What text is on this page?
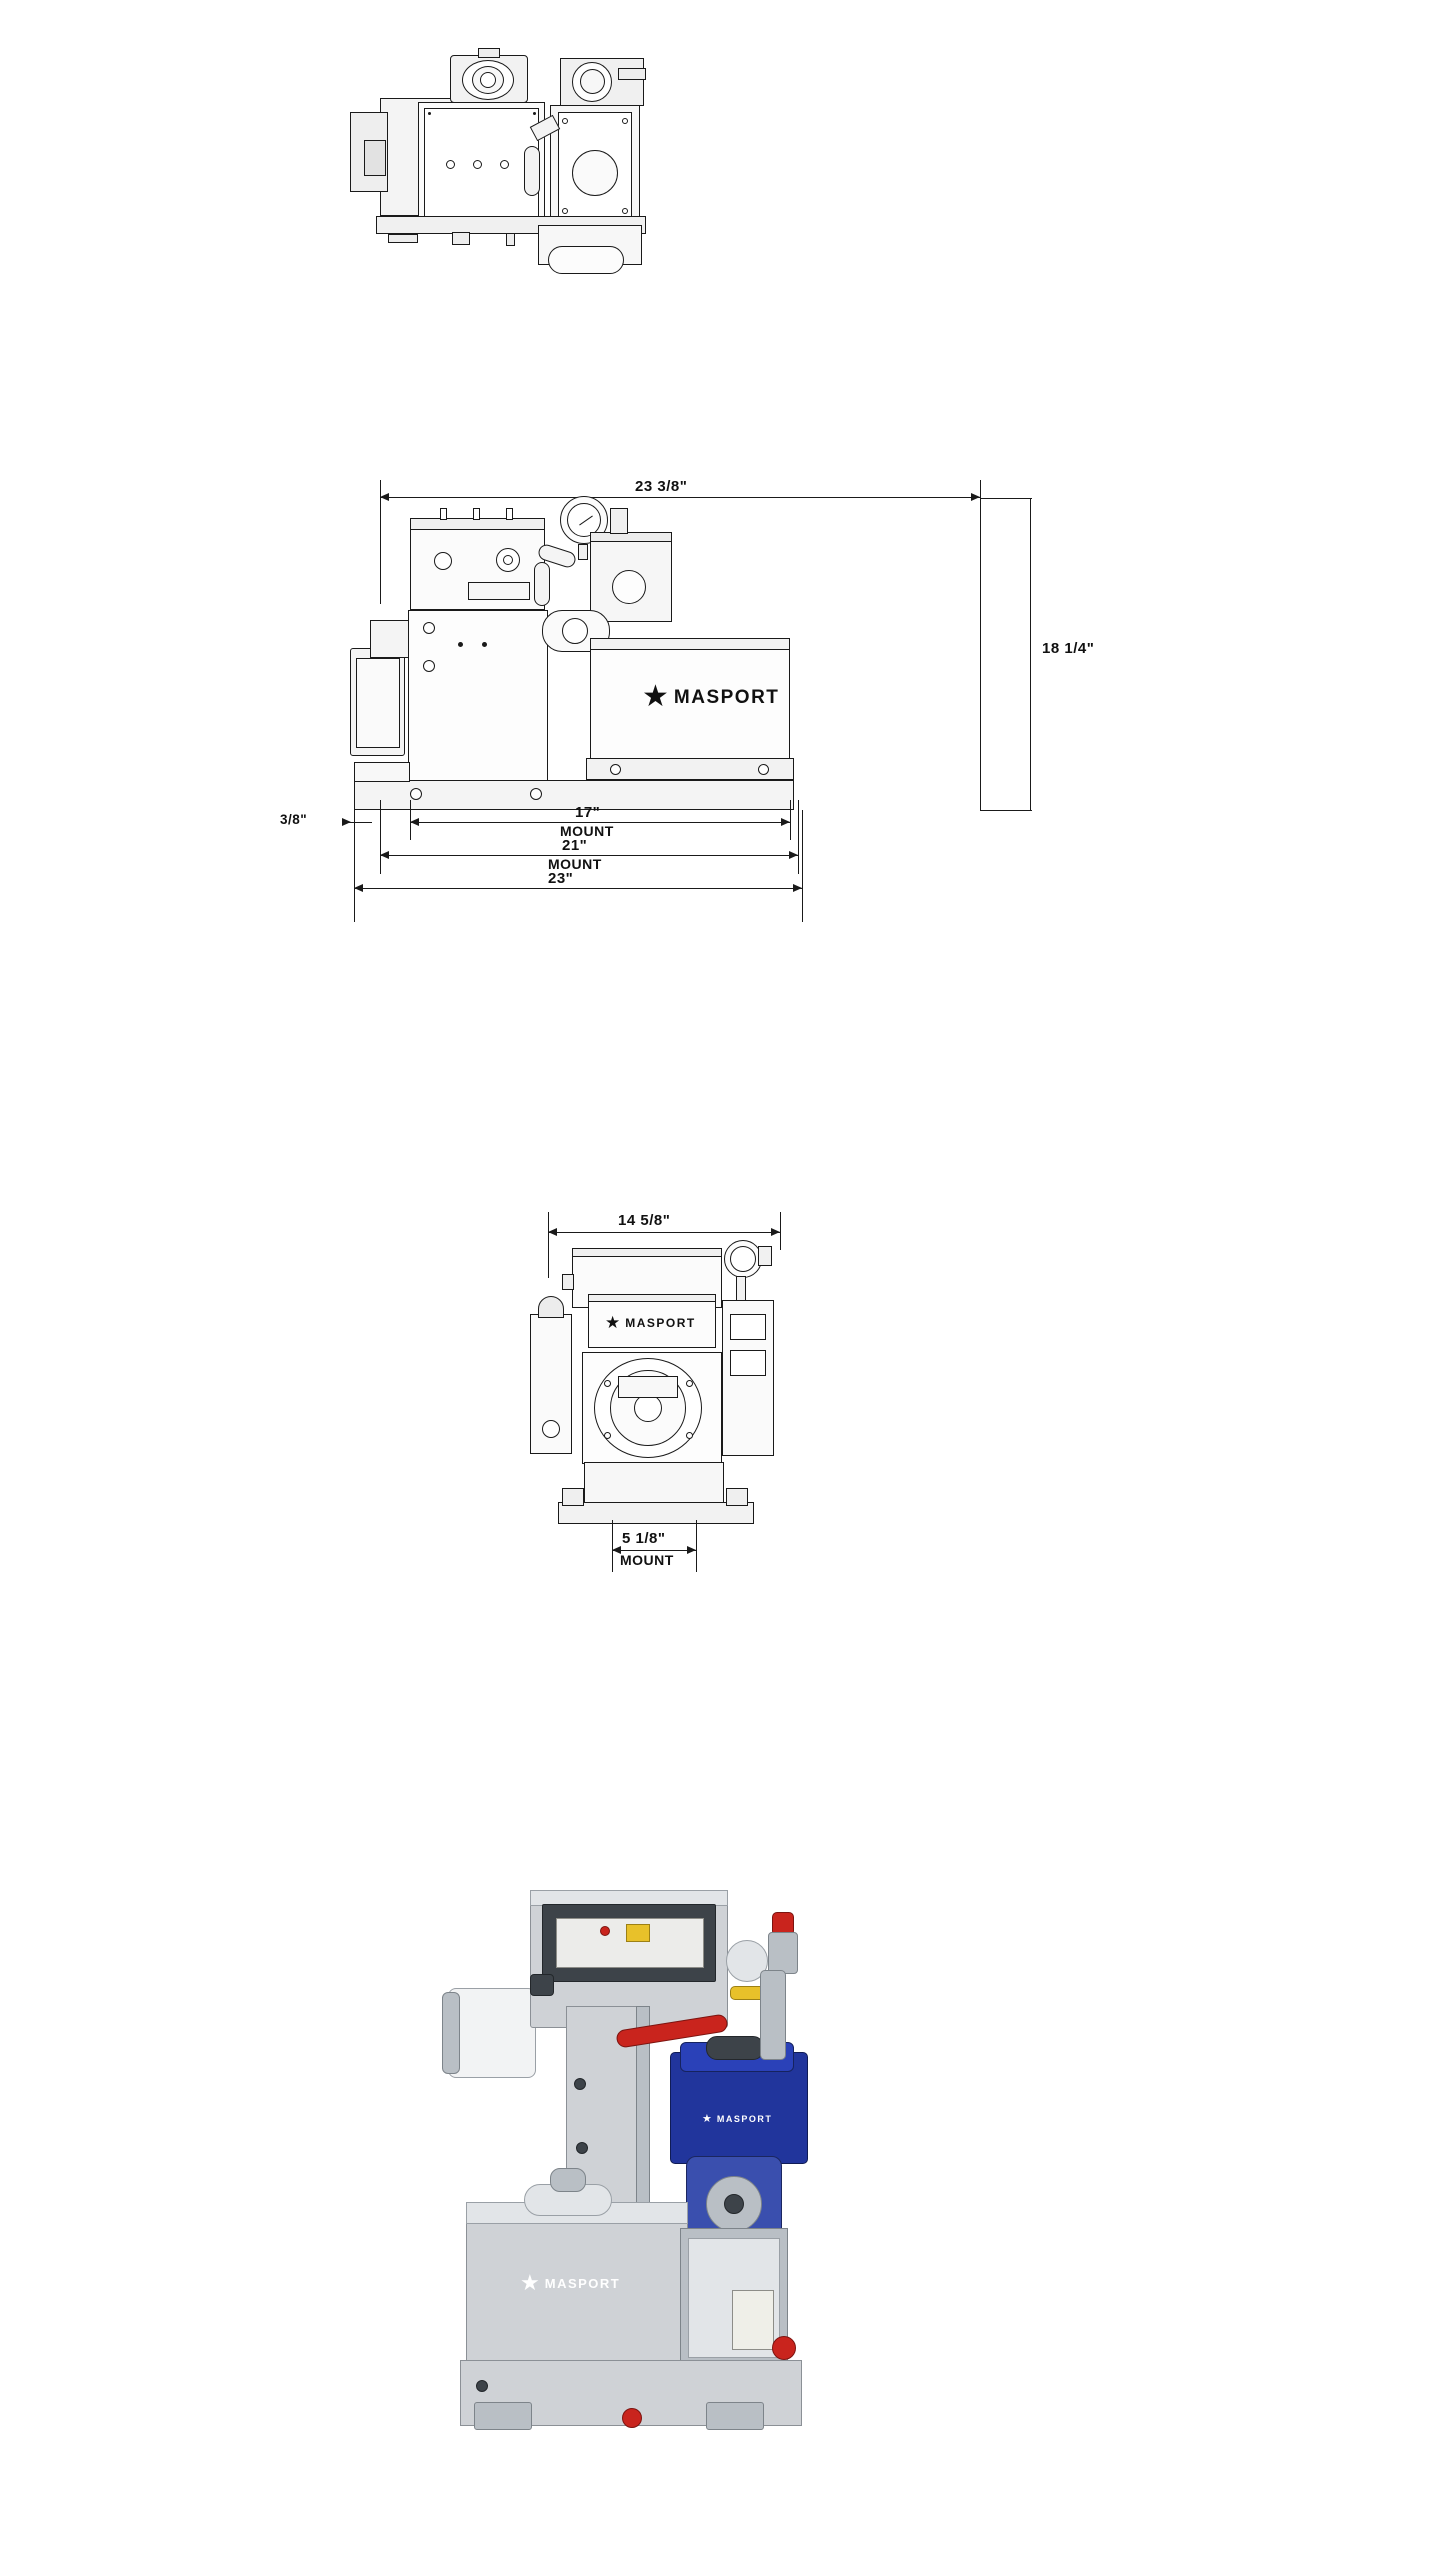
23 3/8"
18 1/4"
★ MASPORT
3/8"	17"
MOUNT
21"
MOUNT
23"
14 5/8"
★ MASPORT
5 1/8"
MOUNT
★ MASPORT
★ MASPORT
